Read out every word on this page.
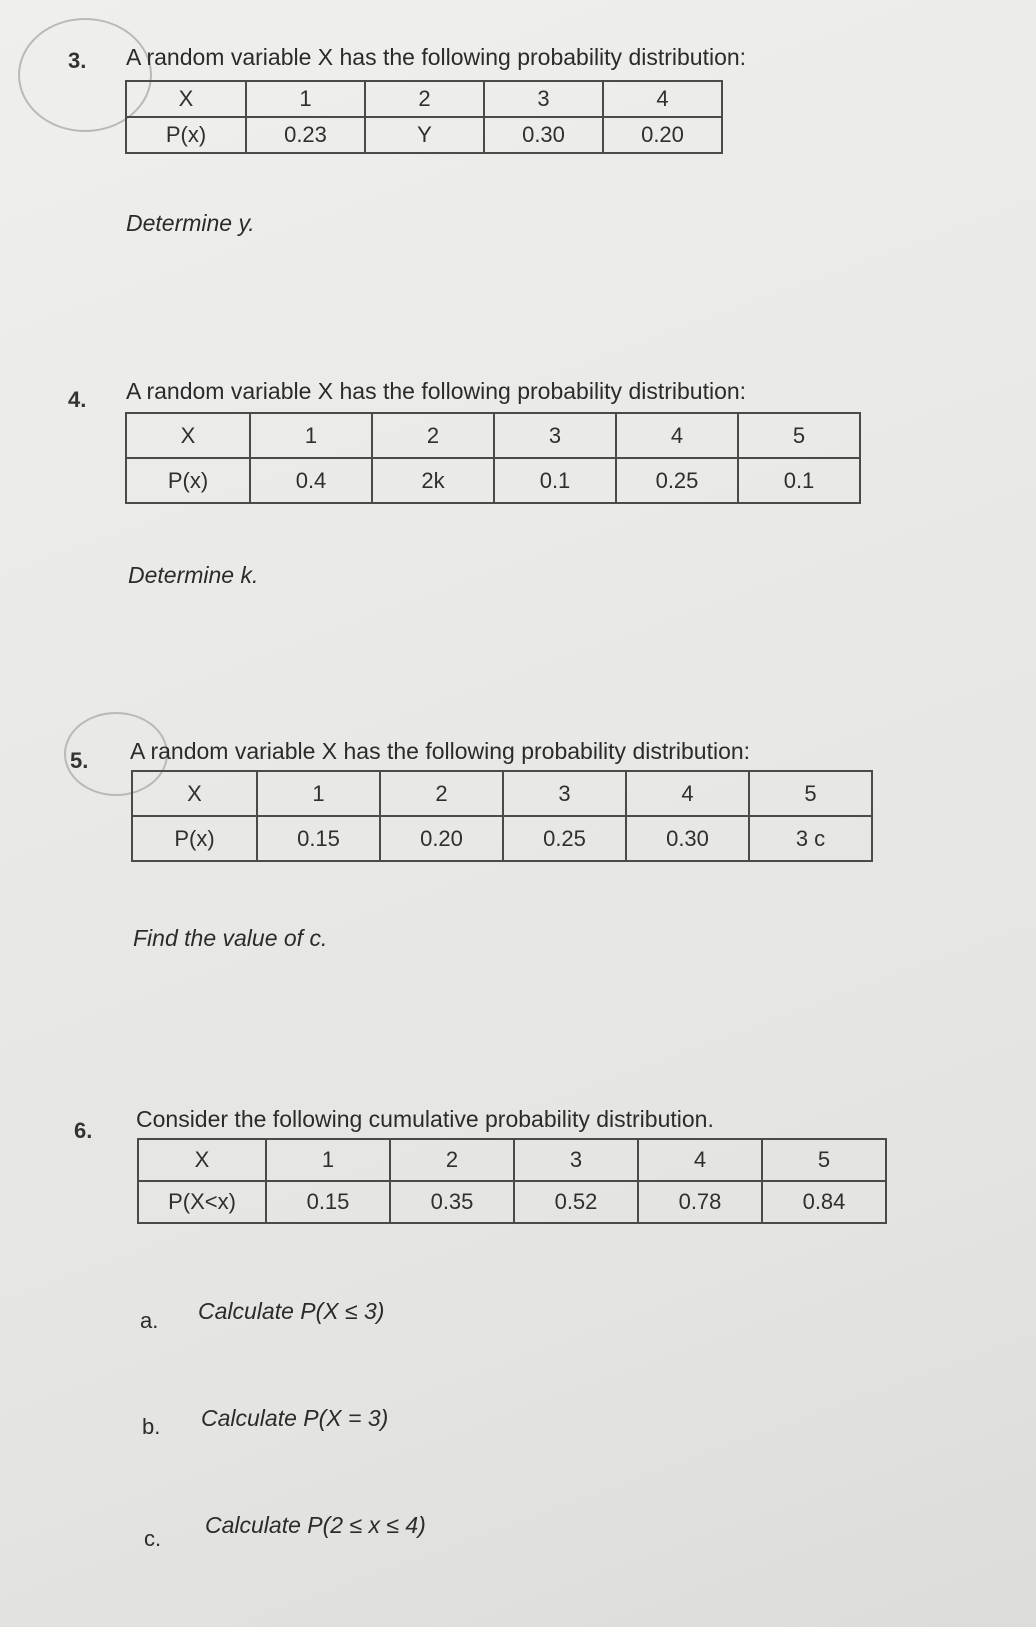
3. A random variable X has the following probability distribution:
X	1	2	3	4
P(x)	0.23	Y	0.30	0.20
Determine y.
4. A random variable X has the following probability distribution:
X	1	2	3	4	5
P(x)	0.4	2k	0.1	0.25	0.1
Determine k.
5. A random variable X has the following probability distribution:
X	1	2	3	4	5
P(x)	0.15	0.20	0.25	0.30	3 c
Find the value of c.
6. Consider the following cumulative probability distribution.
X	1	2	3	4	5
P(X<x)	0.15	0.35	0.52	0.78	0.84
a. Calculate P(X ≤ 3)
b. Calculate P(X = 3)
c.
Calculate P(2 ≤ x ≤ 4)
